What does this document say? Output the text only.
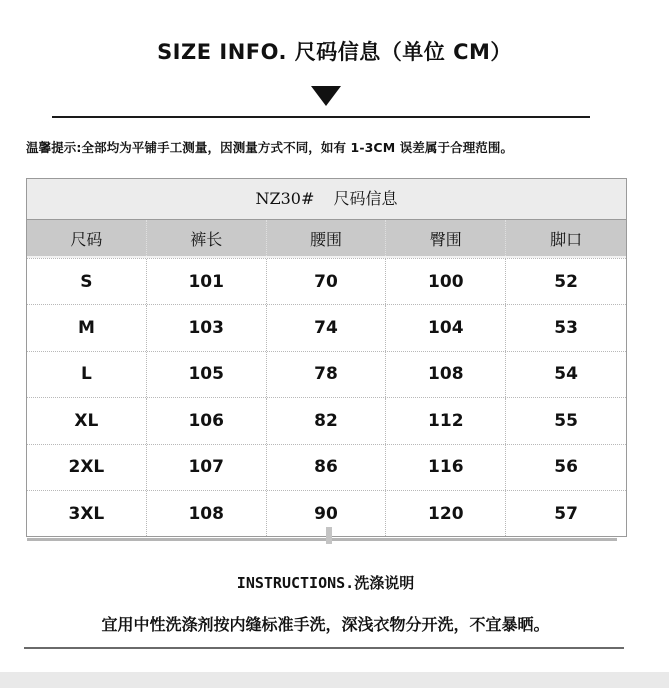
SIZE INFO. 尺码信息（单位 CM）
温馨提示:全部均为平铺手工测量，因测量方式不同，如有 1-3CM 误差属于合理范围。
NZ30# 尺码信息
尺码	裤长	腰围	臀围	脚口
S	101	70	100	52
M	103	74	104	53
L	105	78	108	54
XL	106	82	112	55
2XL	107	86	116	56
3XL	108	90	120	57
INSTRUCTIONS.洗涤说明
宜用中性洗涤剂按内缝标准手洗，深浅衣物分开洗，不宜暴晒。
